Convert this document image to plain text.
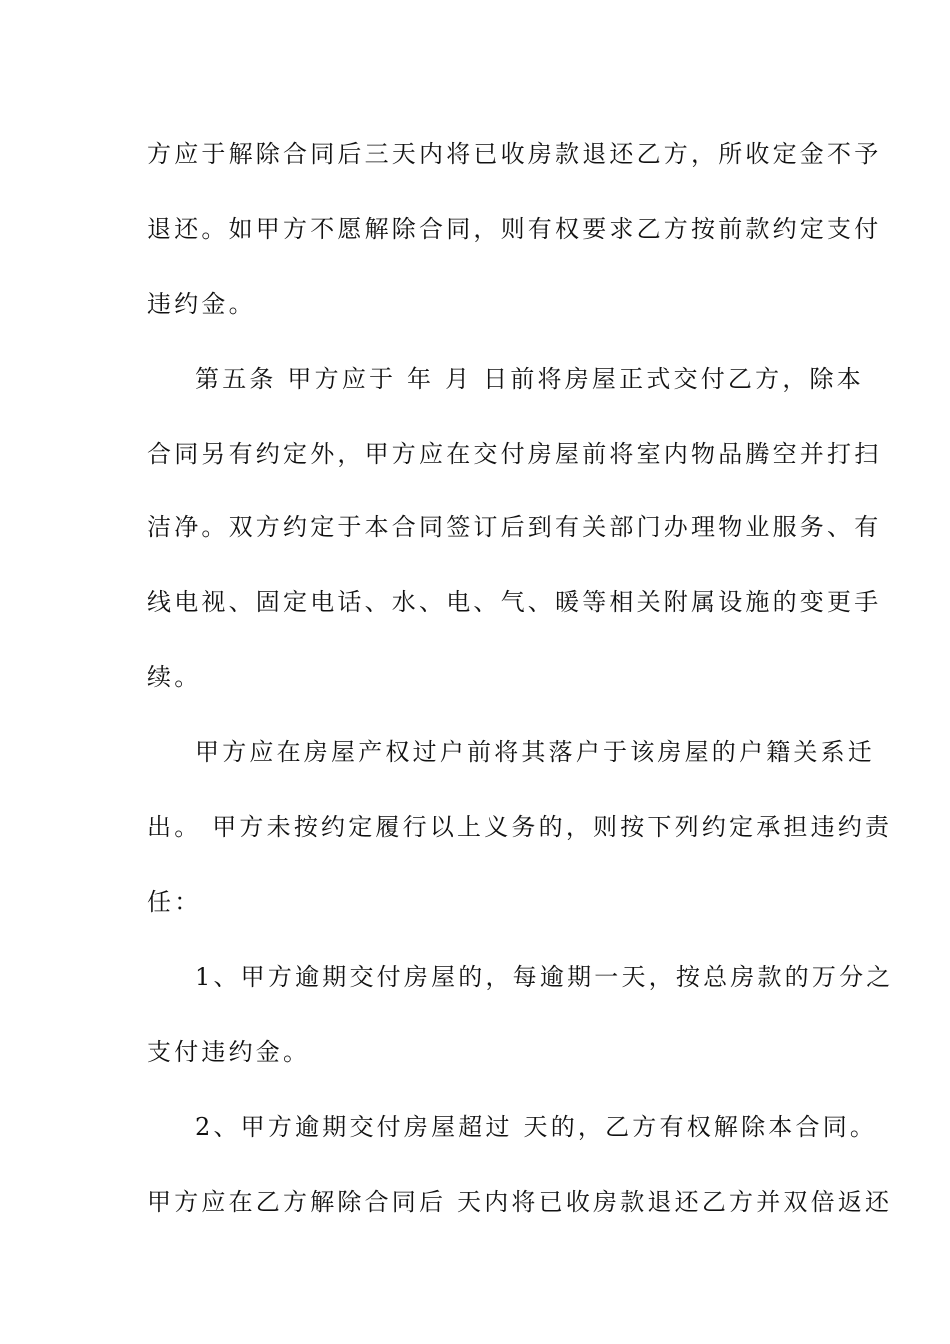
方应于解除合同后三天内将已收房款退还乙方，所收定金不予

退还。如甲方不愿解除合同，则有权要求乙方按前款约定支付

违约金。

第五条 甲方应于 年 月 日前将房屋正式交付乙方，除本

合同另有约定外，甲方应在交付房屋前将室内物品腾空并打扫

洁净。双方约定于本合同签订后到有关部门办理物业服务、有

线电视、固定电话、水、电、气、暖等相关附属设施的变更手

续。

甲方应在房屋产权过户前将其落户于该房屋的户籍关系迁

出。 甲方未按约定履行以上义务的，则按下列约定承担违约责

任：

1、甲方逾期交付房屋的，每逾期一天，按总房款的万分之

支付违约金。

2、甲方逾期交付房屋超过 天的，乙方有权解除本合同。

甲方应在乙方解除合同后 天内将已收房款退还乙方并双倍返还
